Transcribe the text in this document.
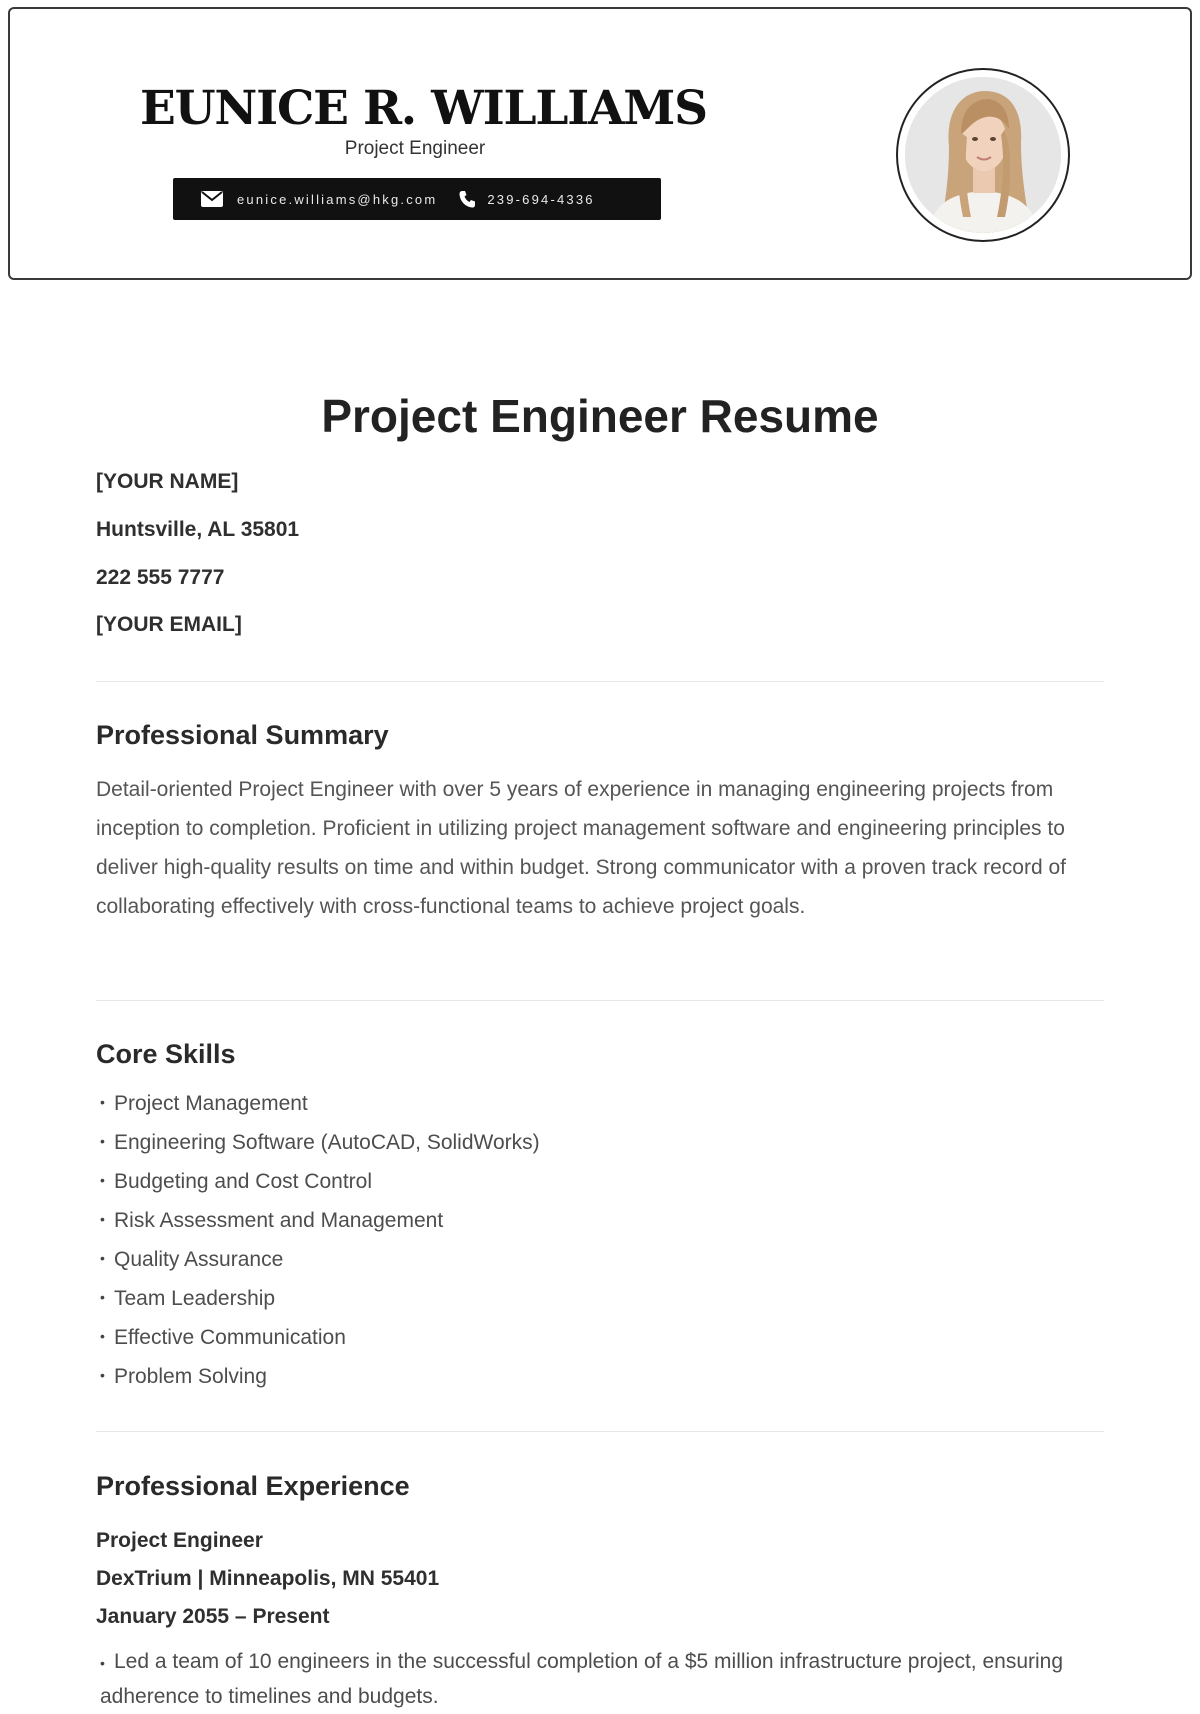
EUNICE R. WILLIAMS
Project Engineer
eunice.williams@hkg.com	239-694-4336
Project Engineer Resume

[YOUR NAME]

Huntsville, AL 35801

222 555 7777

[YOUR EMAIL]

Professional Summary

Detail-oriented Project Engineer with over 5 years of experience in managing engineering projects from inception to completion. Proficient in utilizing project management software and engineering principles to deliver high-quality results on time and within budget. Strong communicator with a proven track record of collaborating effectively with cross-functional teams to achieve project goals.

Core Skills

• Project Management

• Engineering Software (AutoCAD, SolidWorks)

• Budgeting and Cost Control

• Risk Assessment and Management

• Quality Assurance

• Team Leadership

• Effective Communication

• Problem Solving

Professional Experience

Project Engineer

DexTrium | Minneapolis, MN 55401

January 2055 – Present

• Led a team of 10 engineers in the successful completion of a $5 million infrastructure project, ensuring adherence to timelines and budgets.
